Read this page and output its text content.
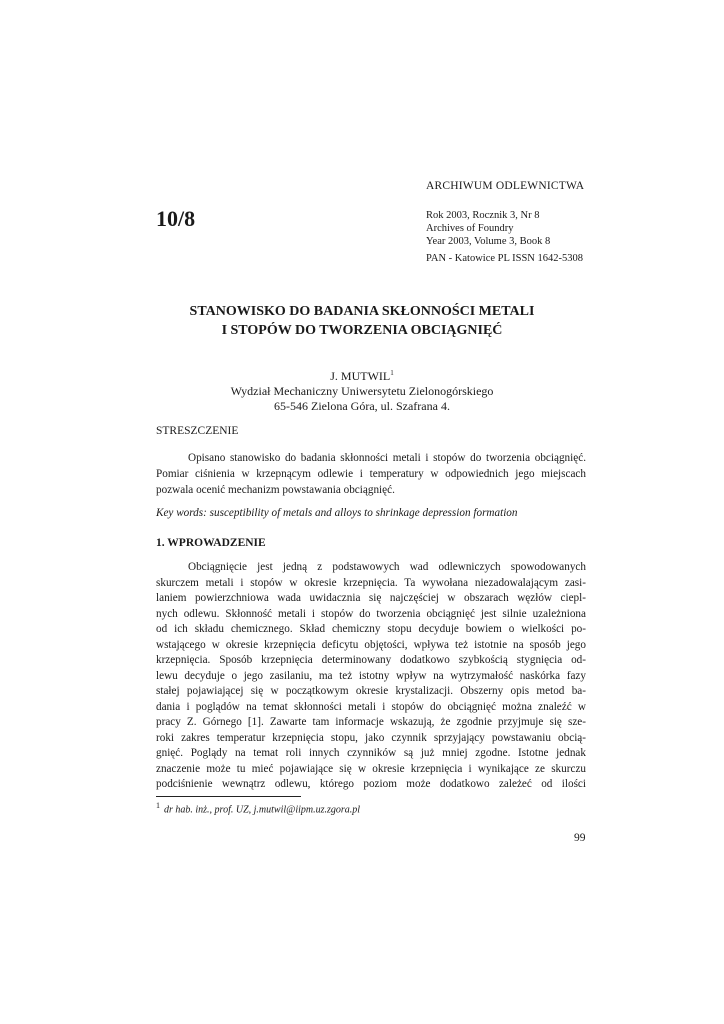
ARCHIWUM ODLEWNICTWA
10/8	Rok 2003, Rocznik 3, Nr 8
Archives of Foundry
Year 2003, Volume 3, Book 8
PAN - Katowice PL ISSN 1642-5308
STANOWISKO DO BADANIA SKŁONNOŚCI METALI
I STOPÓW DO TWORZENIA OBCIĄGNIĘĆ
J. MUTWIL$^1$
Wydział Mechaniczny Uniwersytetu Zielonogórskiego
65-546 Zielona Góra, ul. Szafrana 4.
STRESZCZENIE
Opisano stanowisko do badania skłonności metali i stopów do tworzenia obciągnięć. Pomiar ciśnienia w krzepnącym odlewie i temperatury w odpowiednich jego miejscach pozwala ocenić mechanizm powstawania obciągnięć.
Key words: susceptibility of metals and alloys to shrinkage depression formation
1. WPROWADZENIE
Obciągnięcie jest jedną z podstawowych wad odlewniczych spowodowanych
skurczem metali i stopów w okresie krzepnięcia. Ta wywołana niezadowalającym zasi-
laniem powierzchniowa wada uwidacznia się najczęściej w obszarach węzłów ciepl-
nych odlewu. Skłonność metali i stopów do tworzenia obciągnięć jest silnie uzależniona
od ich składu chemicznego. Skład chemiczny stopu decyduje bowiem o wielkości po-
wstającego w okresie krzepnięcia deficytu objętości, wpływa też istotnie na sposób jego
krzepnięcia. Sposób krzepnięcia determinowany dodatkowo szybkością stygnięcia od-
lewu decyduje o jego zasilaniu, ma też istotny wpływ na wytrzymałość naskórka fazy
stałej pojawiającej się w początkowym okresie krystalizacji. Obszerny opis metod ba-
dania i poglądów na temat skłonności metali i stopów do obciągnięć można znaleźć w
pracy Z. Górnego [1]. Zawarte tam informacje wskazują, że zgodnie przyjmuje się sze-
roki zakres temperatur krzepnięcia stopu, jako czynnik sprzyjający powstawaniu obcią-
gnięć. Poglądy na temat roli innych czynników są już mniej zgodne. Istotne jednak
znaczenie może tu mieć pojawiające się w okresie krzepnięcia i wynikające ze skurczu
podciśnienie wewnątrz odlewu, którego poziom może dodatkowo zależeć od ilości
$^1$ dr hab. inż., prof. UZ, j.mutwil@iipm.uz.zgora.pl
99
